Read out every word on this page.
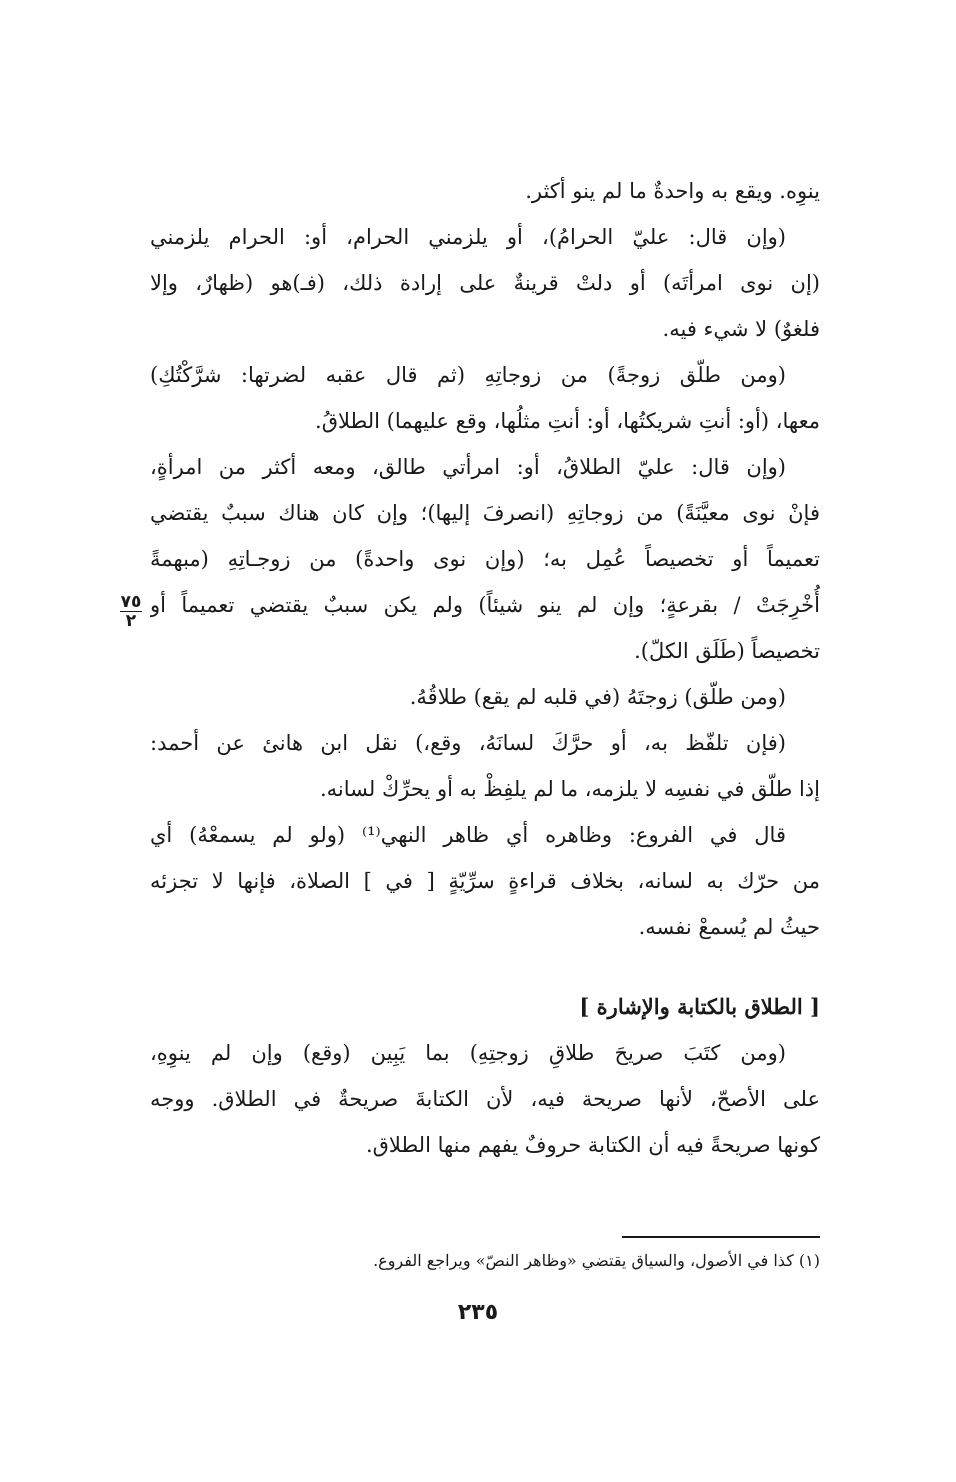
ينوِه. ويقع به واحدةٌ ما لم ينو أكثر.
(وإن قال: عليّ الحرامُ)، أو يلزمني الحرام، أو: الحرام يلزمني
(إن نوى امرأتَه) أو دلتْ قرينةٌ على إرادة ذلك، (فـ)هو (ظهارٌ، وإلا
فلغوٌ) لا شيء فيه.
(ومن طلّق زوجةً) من زوجاتِهِ (ثم قال عقبه لضرتها: شرَّكْتُكِ)
معها، (أو: أنتِ شريكتُها، أو: أنتِ مثلُها، وقع عليهما) الطلاقُ.
(وإن قال: عليّ الطلاقُ، أو: امرأتي طالق، ومعه أكثر من امرأةٍ،
فإنْ نوى معيَّنَةً) من زوجاتِهِ (انصرفَ إليها)؛ وإن كان هناك سببٌ يقتضي
تعميماً أو تخصيصاً عُمِل به؛ (وإن نوى واحدةً) من زوجـاتِهِ (مبهمةً
أُخْرِجَتْ / بقرعةٍ؛ وإن لم ينو شيئاً) ولم يكن سببٌ يقتضي تعميماً أو
تخصيصاً (طَلَق الكلّ).
(ومن طلّق) زوجتَهُ (في قلبه لم يقع) طلاقُهُ.
(فإن تلفّظ به، أو حرَّكَ لسانَهُ، وقع،) نقل ابن هانئ عن أحمد:
إذا طلّق في نفسِه لا يلزمه، ما لم يلفِظْ به أو يحرِّكْ لسانه.
قال في الفروع: وظاهره أي ظاهر النهي⁽¹⁾ (ولو لم يسمعْهُ) أي
من حرّك به لسانه، بخلاف قراءةٍ سرِّيّةٍ [ في ] الصلاة، فإنها لا تجزئه
حيثُ لم يُسمعْ نفسه.
[ الطلاق بالكتابة والإشارة ]
(ومن كتَبَ صريحَ طلاقِ زوجتِهِ) بما يَبِين (وقع) وإن لم ينوِهِ،
على الأصحّ، لأنها صريحة فيه، لأن الكتابةَ صريحةٌ في الطلاق. ووجه
كونها صريحةً فيه أن الكتابة حروفٌ يفهم منها الطلاق.
٧٥
٢
(١) كذا في الأصول، والسياق يقتضي «وظاهر النصّ» ويراجع الفروع.
٢٣٥
